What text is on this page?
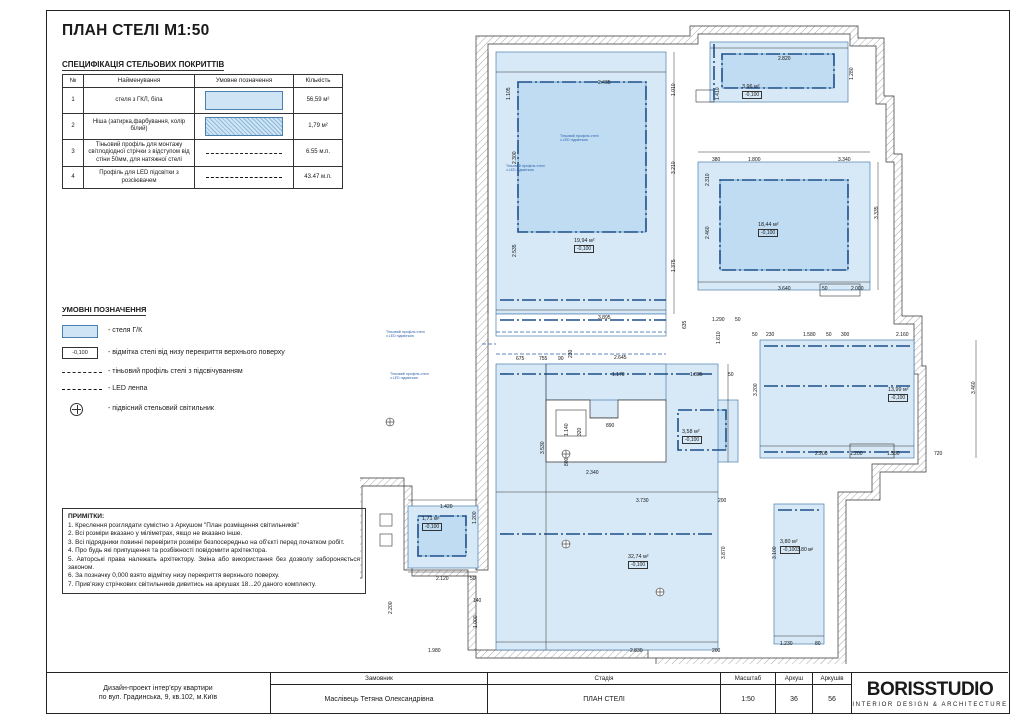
ПЛАН СТЕЛІ М1:50
СПЕЦИФІКАЦІЯ СТЕЛЬОВИХ ПОКРИТТІВ
№	Найменування	Умовне позначення	Кількість
1	стеля з ГКЛ, біла		56,59 м²
2	Ніша (затирка,фарбування, колір білий)		1,79 м²
3	Тіньовий профіль для монтажу світлодіодної стрічки з відступом від стіни 50мм, для натяжної стелі		6.55 м.п.
4	Профіль для LED підсвітки з розсіювачем		43.47 м.п.
УМОВНІ ПОЗНАЧЕННЯ
- стеля Г/К
-0,100	- відмітка стелі від низу перекриття верхнього поверху
- тіньовий профіль стелі з підсвічуванням
- LED ленпа
- підвісний стельовий світильник
ПРИМІТКИ:
1. Креслення розглядати сумістно з Аркушом "План розміщення світильників"
2. Всі розміри вказано у міліметрах, якщо не вказано інше.
3. Всі підрядники повинні перевірити розміри безпосередньо на об'єкті перед початком робіт.
4. Про будь які припущення та розбіжності повідомити архітектора.
5. Авторські права належать архітектору. Зміна або використання без дозволу забороняється законом.
6. За позначку 0,000 взято відмітку низу перекриття верхнього поверху.
7. Прив'язку стрічкових світильників дивитись на аркушах 18...20 даного комплекту.
19,94 м²
-0,100
3,96 м²
-0,100
18,44 м²
-0,100
13,99 м²
-0,100
3,58 м²
-0,100
1,71 м²
-0,100
32,74 м²
-0,100
3,80 м²
-0,100
Тіньовий профіль стелі
з LED підсвіткою
Тіньовий профіль стелі
з LED підсвіткою
Тіньовий профіль стелі
з LED підсвіткою
Тіньовий профіль стелі
з LED підсвіткою
2.465
1.105	1.010
2.820
1.280
1.410
2.300
3.210
3.340
1.800
380
2.310
3.335
2.460
2.535
1.375
3.640	2.000
50
3.895	1.290
635
1.610
50
1.580
230
50	300
50	2.160
2.645
755
675	90
230
1.170	1.885	50
3.200	3.460
890
1.140 320
3.530
800
2.340
2.200	1.350	720
1.200
3.730	200
1.420
1.200
3.870	3.100	3.80 м²
2.120	50
140
2.200
1.000
1.980	2.830	200
1.230	80
Дизайн-проект інтер'єру квартири
по вул. Градинська, 9, кв.102, м.Київ
Замовник
Маслівець Тетяна Олександрівна
Стадія
ПЛАН СТЕЛІ
Масштаб
1:50
Аркуш
36
Аркушів
56	BORISSTUDIO
INTERIOR DESIGN & ARCHITECTURE
